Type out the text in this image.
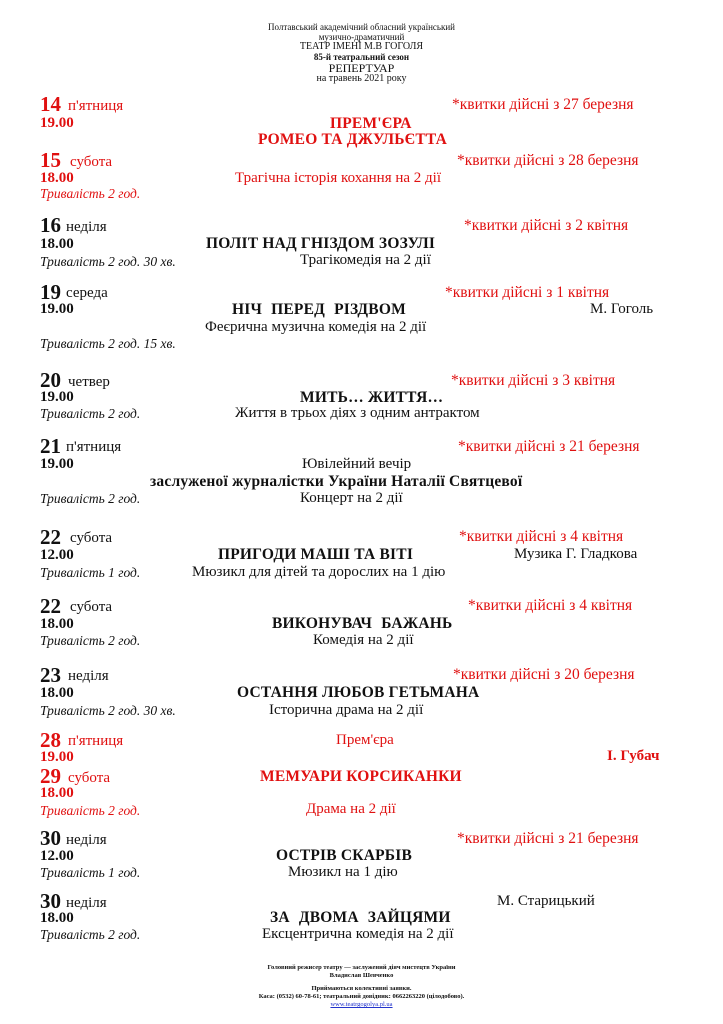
Полтавський академічний обласний український
музично-драматичний
ТЕАТР ІМЕНІ М.В ГОГОЛЯ
85-й театральний сезон
РЕПЕРТУАР
на травень 2021 року
14 п'ятниця	*квитки дійсні з 27 березня
19.00	ПРЕМ'ЄРА
РОМЕО ТА ДЖУЛЬЄТТА
15 субота	*квитки дійсні з 28 березня
18.00	Трагічна історія кохання на 2 дії
Тривалість 2 год.
16 неділя	*квитки дійсні з 2 квітня
18.00	ПОЛІТ НАД ГНІЗДОМ ЗОЗУЛІ
Тривалість 2 год. 30 хв.	Трагікомедія на 2 дії
19 середа	*квитки дійсні з 1 квітня
19.00	НІЧ ПЕРЕД РІЗДВОМ	М. Гоголь
Феєрична музична комедія на 2 дії
Тривалість 2 год. 15 хв.
20 четвер	*квитки дійсні з 3 квітня
19.00	МИТЬ… ЖИТТЯ…
Тривалість 2 год.	Життя в трьох діях з одним антрактом
21 п'ятниця	*квитки дійсні з 21 березня
19.00	Ювілейний вечір
заслуженої журналістки України Наталії Святцевої
Тривалість 2 год.	Концерт на 2 дії
22 субота	*квитки дійсні з 4 квітня
12.00	ПРИГОДИ МАШІ ТА ВІТІ	Музика Г. Гладкова
Тривалість 1 год.	Мюзикл для дітей та дорослих на 1 дію
22 субота	*квитки дійсні з 4 квітня
18.00	ВИКОНУВАЧ БАЖАНЬ
Тривалість 2 год.	Комедія на 2 дії
23 неділя	*квитки дійсні з 20 березня
18.00	ОСТАННЯ ЛЮБОВ ГЕТЬМАНА
Тривалість 2 год. 30 хв.	Історична драма на 2 дії
28 п'ятниця	Прем'єра
19.00	І. Губач
29 субота	МЕМУАРИ КОРСИКАНКИ
18.00
Тривалість 2 год.	Драма на 2 дії
30 неділя	*квитки дійсні з 21 березня
12.00	ОСТРІВ СКАРБІВ
Тривалість 1 год.	Мюзикл на 1 дію
30 неділя	М. Старицький
18.00	ЗА ДВОМА ЗАЙЦЯМИ
Тривалість 2 год.	Ексцентрична комедія на 2 дії
Головний режисер театру — заслужений діяч мистецтв України
Владислав Шевченко
Приймаються колективні заявки.
Каса: (0532) 60-78-61; театральний довідник: 0662263220 (цілодобово).
www.teatrgogolya.pl.ua
